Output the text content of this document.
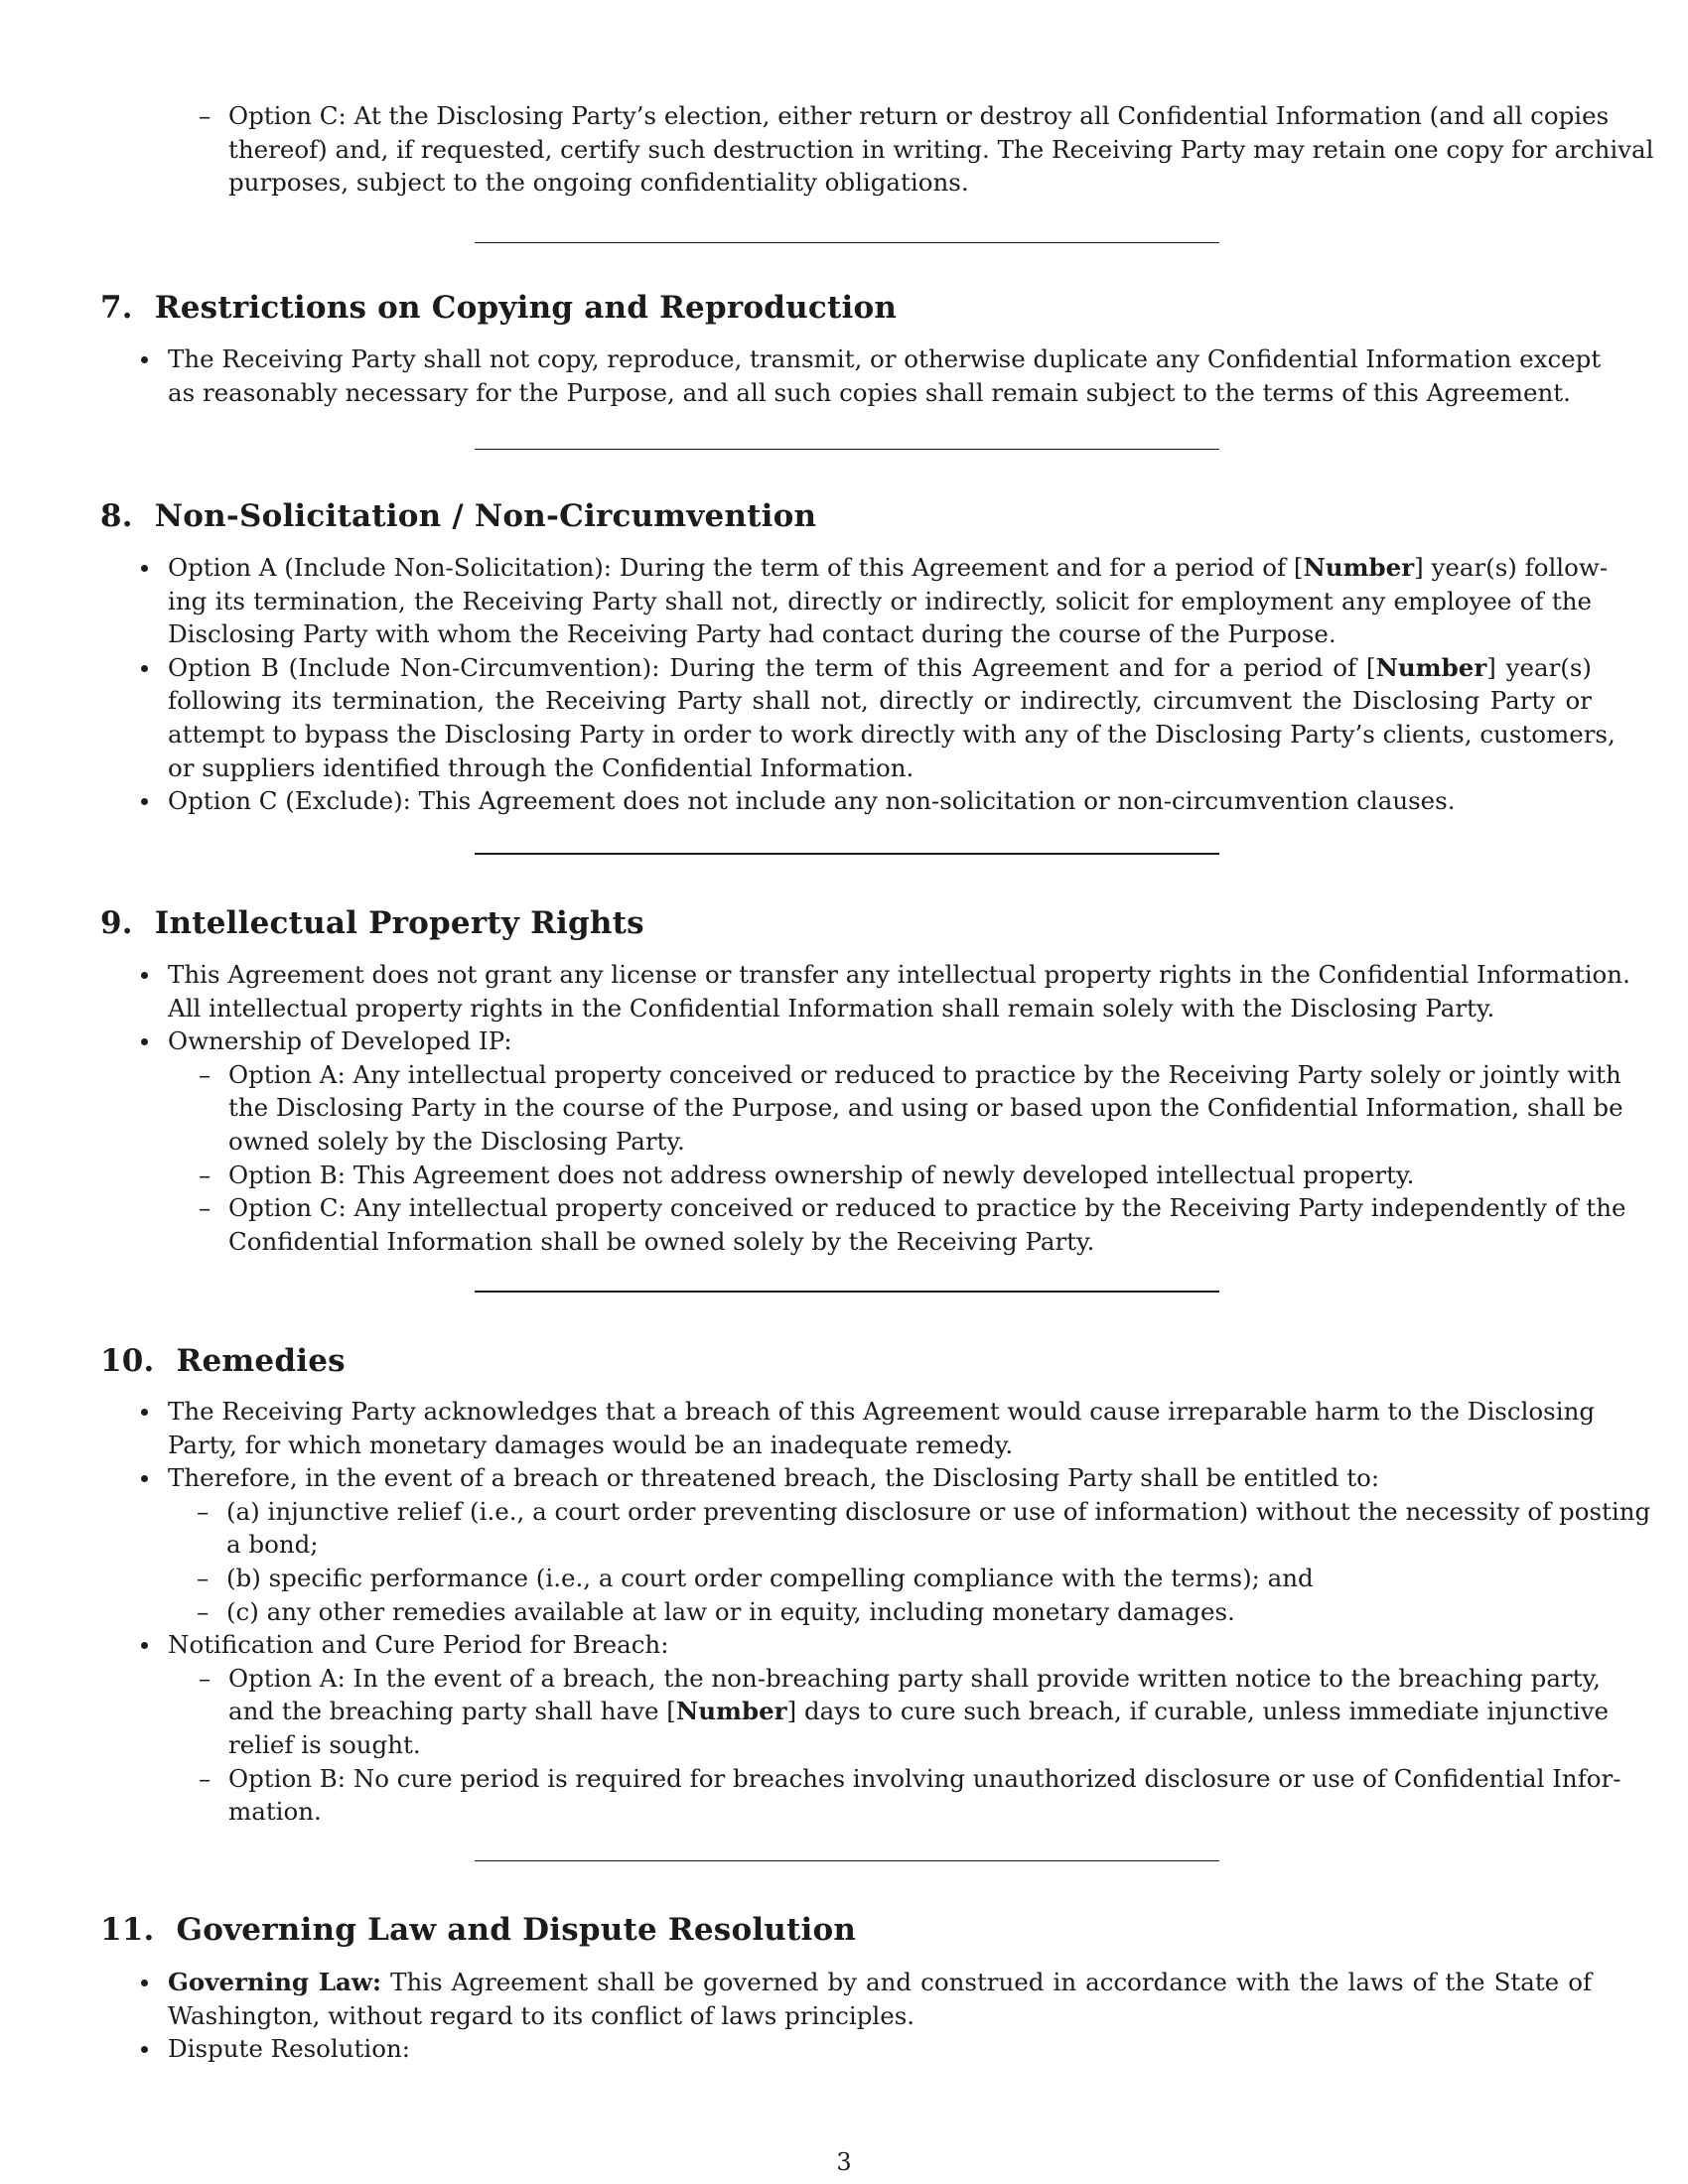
– Option C: At the Disclosing Party’s election, either return or destroy all Confidential Information (and all copies
thereof) and, if requested, certify such destruction in writing. The Receiving Party may retain one copy for archival
purposes, subject to the ongoing confidentiality obligations.
7. Restrictions on Copying and Reproduction
The Receiving Party shall not copy, reproduce, transmit, or otherwise duplicate any Confidential Information except
as reasonably necessary for the Purpose, and all such copies shall remain subject to the terms of this Agreement.
8. Non-Solicitation / Non-Circumvention
Option A (Include Non-Solicitation): During the term of this Agreement and for a period of [Number] year(s) follow-
ing its termination, the Receiving Party shall not, directly or indirectly, solicit for employment any employee of the
Disclosing Party with whom the Receiving Party had contact during the course of the Purpose.
Option B (Include Non-Circumvention): During the term of this Agreement and for a period of [Number] year(s)
following its termination, the Receiving Party shall not, directly or indirectly, circumvent the Disclosing Party or
attempt to bypass the Disclosing Party in order to work directly with any of the Disclosing Party’s clients, customers,
or suppliers identified through the Confidential Information.
Option C (Exclude): This Agreement does not include any non-solicitation or non-circumvention clauses.
9. Intellectual Property Rights
This Agreement does not grant any license or transfer any intellectual property rights in the Confidential Information.
All intellectual property rights in the Confidential Information shall remain solely with the Disclosing Party.
Ownership of Developed IP:
– Option A: Any intellectual property conceived or reduced to practice by the Receiving Party solely or jointly with
the Disclosing Party in the course of the Purpose, and using or based upon the Confidential Information, shall be
owned solely by the Disclosing Party.
– Option B: This Agreement does not address ownership of newly developed intellectual property.
– Option C: Any intellectual property conceived or reduced to practice by the Receiving Party independently of the
Confidential Information shall be owned solely by the Receiving Party.
10. Remedies
The Receiving Party acknowledges that a breach of this Agreement would cause irreparable harm to the Disclosing
Party, for which monetary damages would be an inadequate remedy.
Therefore, in the event of a breach or threatened breach, the Disclosing Party shall be entitled to:
– (a) injunctive relief (i.e., a court order preventing disclosure or use of information) without the necessity of posting
a bond;
– (b) specific performance (i.e., a court order compelling compliance with the terms); and
– (c) any other remedies available at law or in equity, including monetary damages.
Notification and Cure Period for Breach:
– Option A: In the event of a breach, the non-breaching party shall provide written notice to the breaching party,
and the breaching party shall have [Number] days to cure such breach, if curable, unless immediate injunctive
relief is sought.
– Option B: No cure period is required for breaches involving unauthorized disclosure or use of Confidential Infor-
mation.
11. Governing Law and Dispute Resolution
Governing Law: This Agreement shall be governed by and construed in accordance with the laws of the State of
Washington, without regard to its conflict of laws principles.
Dispute Resolution:
3
